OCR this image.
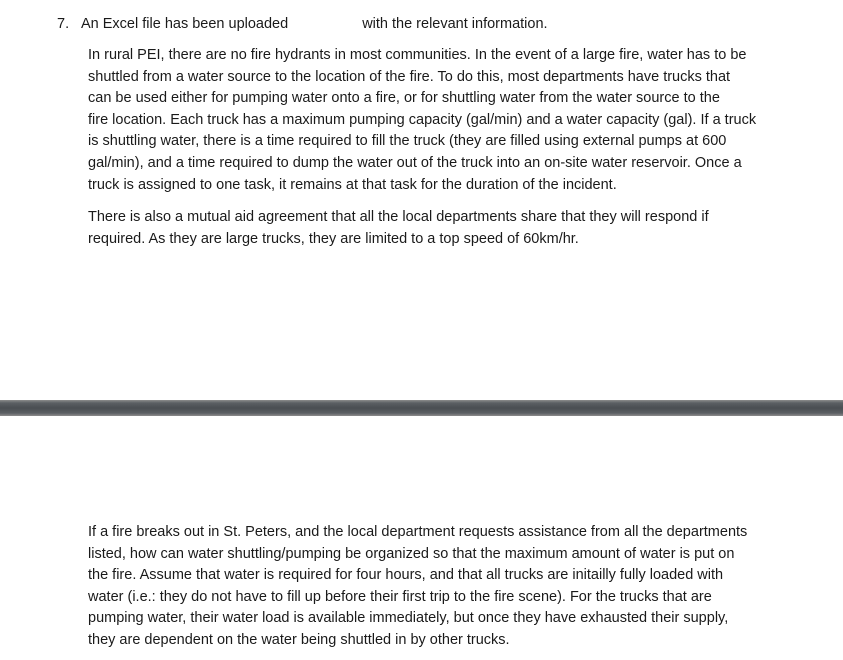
7. An Excel file has been uploaded	with the relevant information.
In rural PEI, there are no fire hydrants in most communities. In the event of a large fire, water has to be
shuttled from a water source to the location of the fire. To do this, most departments have trucks that
can be used either for pumping water onto a fire, or for shuttling water from the water source to the
fire location. Each truck has a maximum pumping capacity (gal/min) and a water capacity (gal). If a truck
is shuttling water, there is a time required to fill the truck (they are filled using external pumps at 600
gal/min), and a time required to dump the water out of the truck into an on-site water reservoir. Once a
truck is assigned to one task, it remains at that task for the duration of the incident.
There is also a mutual aid agreement that all the local departments share that they will respond if
required. As they are large trucks, they are limited to a top speed of 60km/hr.
If a fire breaks out in St. Peters, and the local department requests assistance from all the departments
listed, how can water shuttling/pumping be organized so that the maximum amount of water is put on
the fire. Assume that water is required for four hours, and that all trucks are initailly fully loaded with
water (i.e.: they do not have to fill up before their first trip to the fire scene). For the trucks that are
pumping water, their water load is available immediately, but once they have exhausted their supply,
they are dependent on the water being shuttled in by other trucks.
